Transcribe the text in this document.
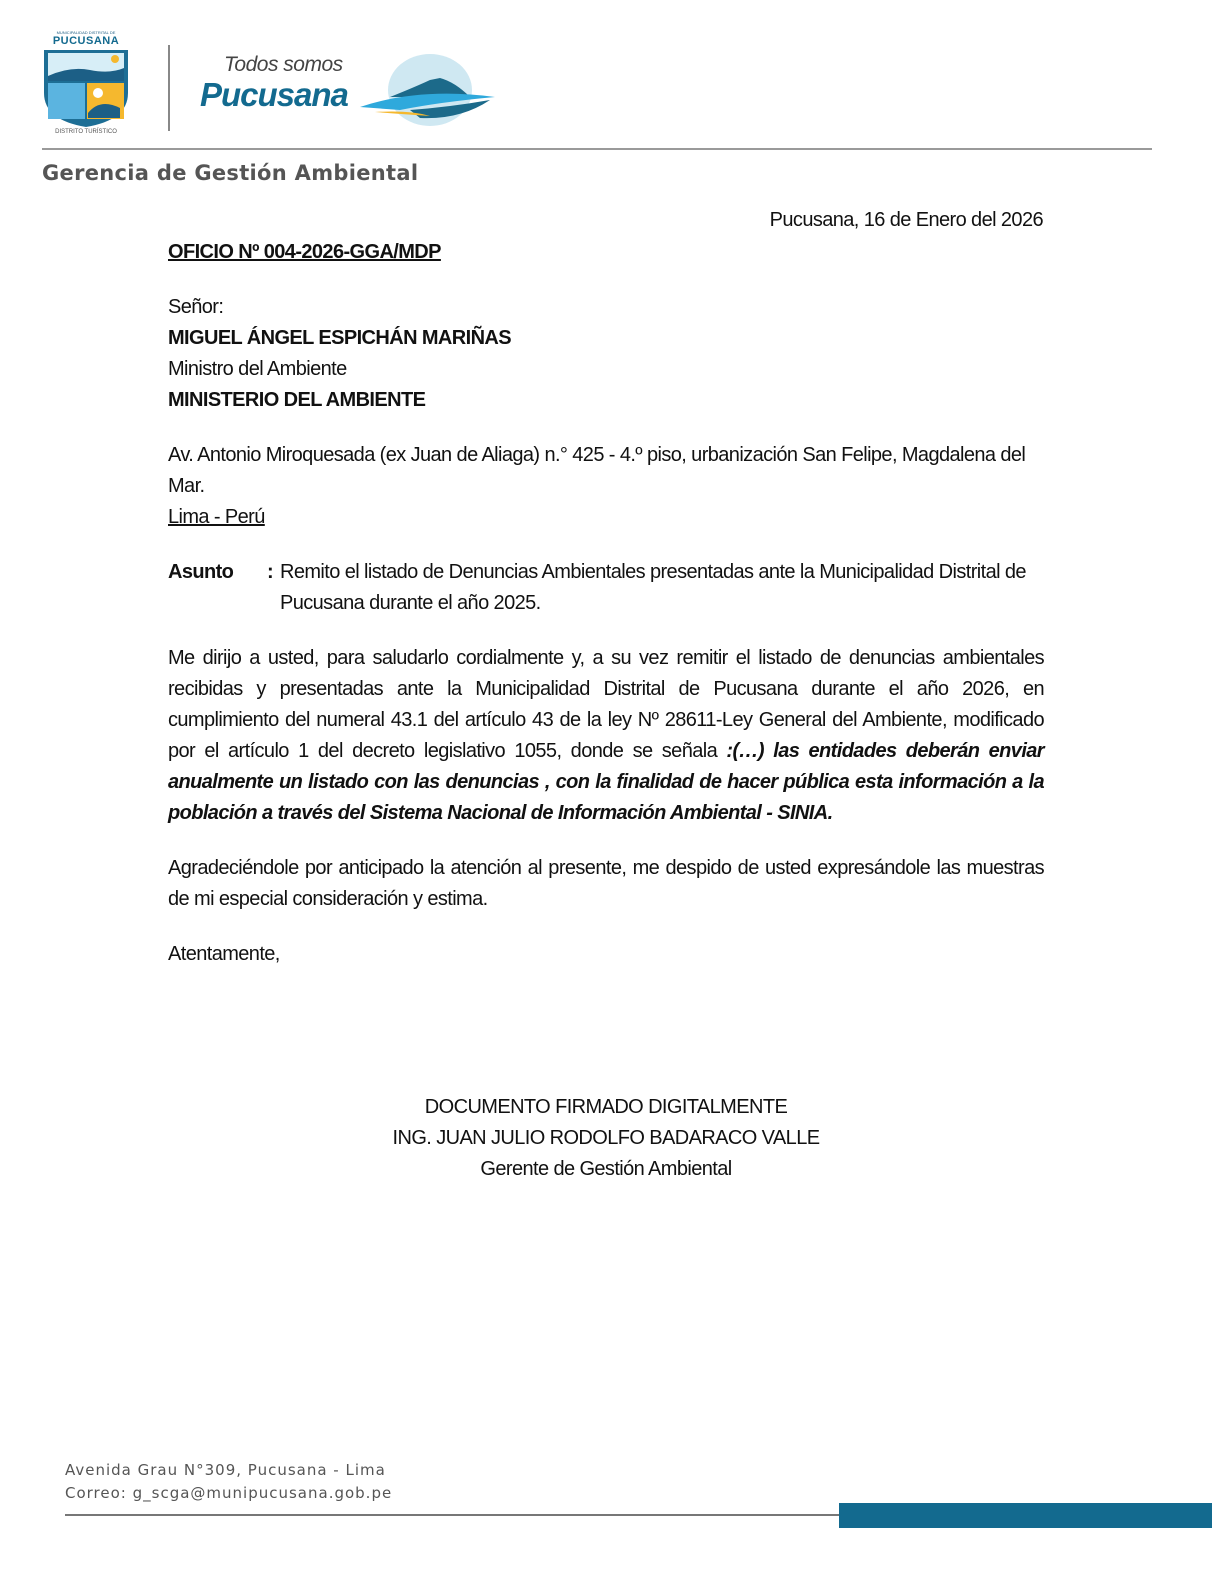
MUNICIPALIDAD DISTRITAL DE
PUCUSANA
DISTRITO TURÍSTICO
Todos somos
Pucusana
Gerencia de Gestión Ambiental
Pucusana, 16 de Enero del 2026
OFICIO Nº 004-2026-GGA/MDP
Señor:
MIGUEL ÁNGEL ESPICHÁN MARIÑAS
Ministro del Ambiente
MINISTERIO DEL AMBIENTE
Av. Antonio Miroquesada (ex Juan de Aliaga) n.° 425 - 4.º piso, urbanización San Felipe, Magdalena del Mar.
Lima - Perú
Asunto	: Remito el listado de Denuncias Ambientales presentadas ante la Municipalidad Distrital de Pucusana durante el año 2025.

Me dirijo a usted, para saludarlo cordialmente y, a su vez remitir el listado de denuncias ambientales recibidas y presentadas ante la Municipalidad Distrital de Pucusana durante el año 2026, en cumplimiento del numeral 43.1 del artículo 43 de la ley Nº 28611-Ley General del Ambiente, modificado por el artículo 1 del decreto legislativo 1055, donde se señala :(…) las entidades deberán enviar anualmente un listado con las denuncias , con la finalidad de hacer pública esta información a la población a través del Sistema Nacional de Información Ambiental - SINIA.

Agradeciéndole por anticipado la atención al presente, me despido de usted expresándole las muestras de mi especial consideración y estima.

Atentamente,
DOCUMENTO FIRMADO DIGITALMENTE
ING. JUAN JULIO RODOLFO BADARACO VALLE
Gerente de Gestión Ambiental
Avenida Grau N°309, Pucusana - Lima
Correo: g_scga@munipucusana.gob.pe
